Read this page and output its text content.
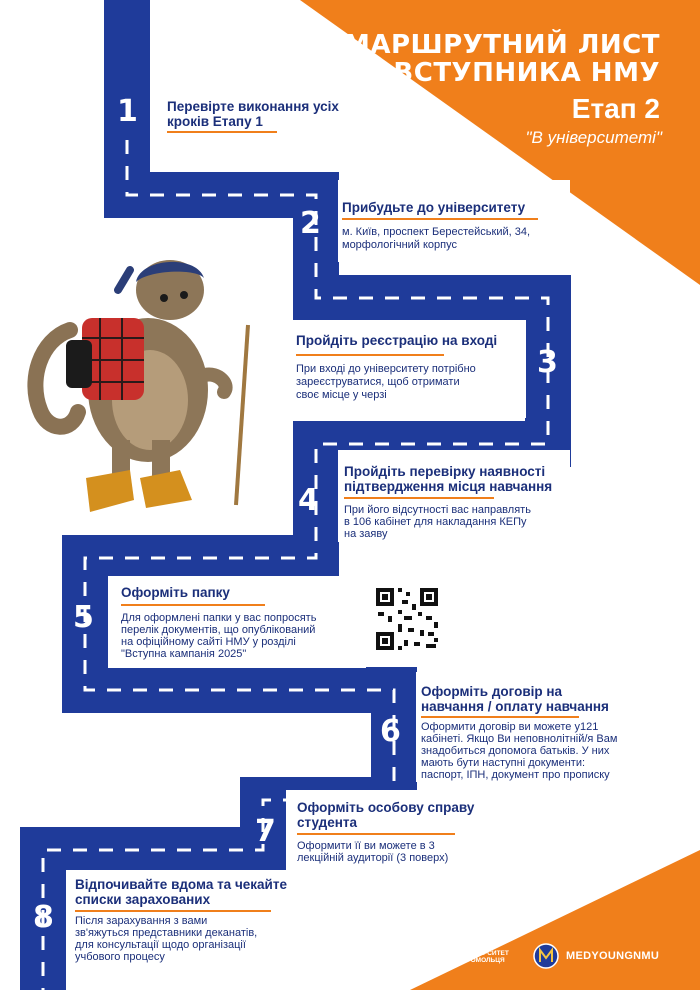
МАРШРУТНИЙ ЛИСТ
ВСТУПНИКА НМУ
Етап 2
"В університеті"
1 Перевірте виконання усіх
кроків Етапу 1
2 Прибудьте до університету
м. Київ, проспект Берестейський, 34,
морфологічний корпус
3
Пройдіть реєстрацію на вході
При вході до університету потрібно
зареєструватися, щоб отримати
своє місце у черзі
4
Пройдіть перевірку наявності
підтвердження місця навчання
При його відсутності вас направлять
в 106 кабінет для накладання КЕПу
на заяву
5
Оформіть папку
Для оформлені папки у вас попросять
перелік документів, що опублікований
на офіційному сайті НМУ у розділі
"Вступна кампанія 2025"
6
Оформіть договір на
навчання / оплату навчання
Оформити договір ви можете у121
кабінеті. Якщо Ви неповнолітній/я Вам
знадобиться допомога батьків. У них
мають бути наступні документи:
паспорт, ІПН, документ про прописку
7
Оформіть особову справу
студента
Оформити її ви можете в 3
лекційній аудиторії (3 поверх)
8
Відпочивайте вдома та чекайте
списки зарахованих
Після зарахування з вами
зв'яжуться представники деканатів,
для консультації щодо організації
учбового процесу	НМУ
НАЦІОНАЛЬНИЙ
МЕДИЧНИЙ УНІВЕРСИТЕТ
імені О.О. БОГОМОЛЬЦЯ	MEDYOUNGNMU
